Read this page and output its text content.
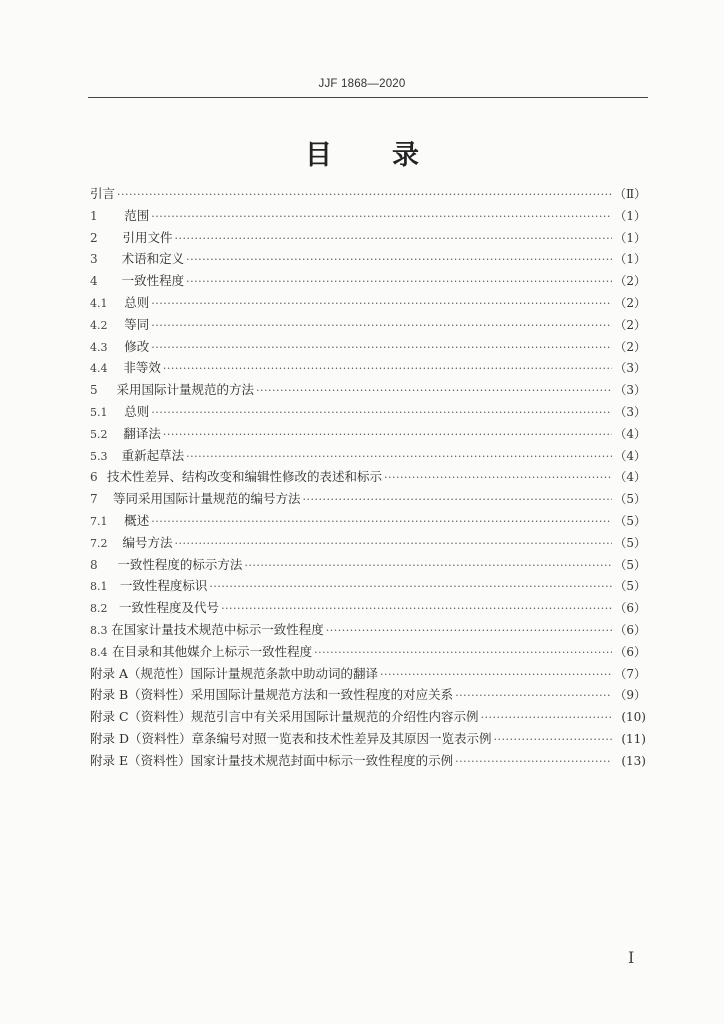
JJF 1868—2020
目 录
引言 ·····	（Ⅱ）
1	范围 ·····	（1）
2	引用文件 ·····	（1）
3	术语和定义 ·····	（1）
4	一致性程度 ·····	（2）
4.1	总则 ·····	（2）
4.2	等同 ·····	（2）
4.3	修改 ·····	（2）
4.4	非等效 ·····	（3）
5	采用国际计量规范的方法 ·····	（3）
5.1	总则 ·····	（3）
5.2	翻译法 ·····	（4）
5.3	重新起草法 ·····	（4）
6 技术性差异、结构改变和编辑性修改的表述和标示 ·····	（4）
7	等同采用国际计量规范的编号方法 ·····	（5）
7.1	概述 ·····	（5）
7.2	编号方法 ·····	（5）
8	一致性程度的标示方法 ·····	（5）
8.1 一致性程度标识 ·····	（5）
8.2 一致性程度及代号 ·····	（6）
8.3 在国家计量技术规范中标示一致性程度 ·····	（6）
8.4 在目录和其他媒介上标示一致性程度 ·····	（6）
附录 A（规范性） 国际计量规范条款中助动词的翻译 ·····	（7）
附录 B（资料性） 采用国际计量规范方法和一致性程度的对应关系 ·····	（9）
附录 C（资料性） 规范引言中有关采用国际计量规范的介绍性内容示例 ·····	(10)
附录 D（资料性） 章条编号对照一览表和技术性差异及其原因一览表示例 ·····	(11)
附录 E（资料性） 国家计量技术规范封面中标示一致性程度的示例 ·····	(13)
I
